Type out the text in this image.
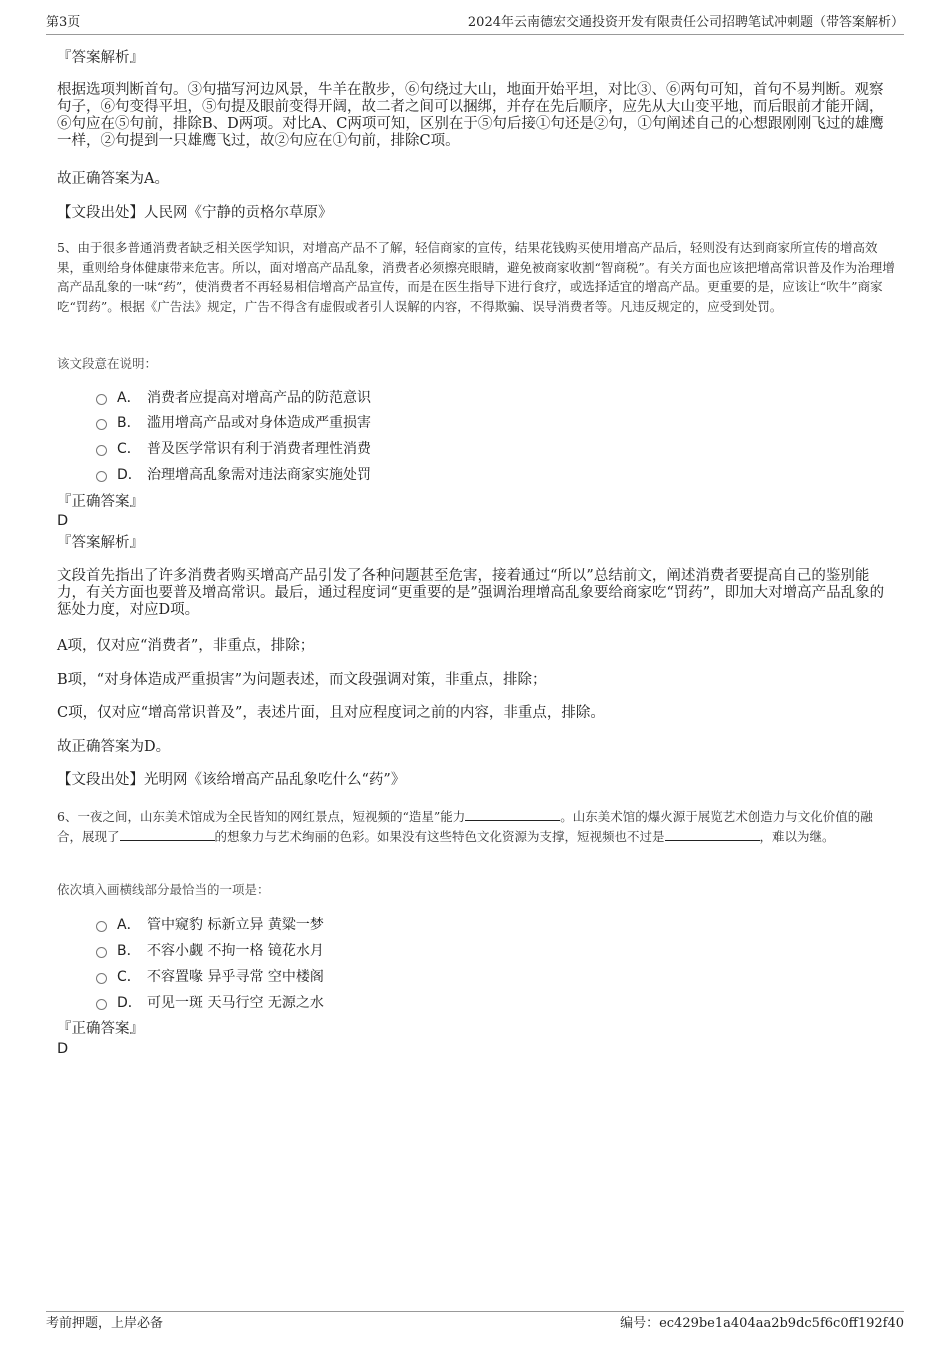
第3页	2024年云南德宏交通投资开发有限责任公司招聘笔试冲刺题（带答案解析）
『答案解析』
根据选项判断首句。③句描写河边风景，牛羊在散步，⑥句绕过大山，地面开始平坦，对比③、⑥两句可知，首句不易判断。观察句子，⑥句变得平坦，⑤句提及眼前变得开阔，故二者之间可以捆绑，并存在先后顺序，应先从大山变平地，而后眼前才能开阔，⑥句应在⑤句前，排除B、D两项。对比A、C两项可知，区别在于⑤句后接①句还是②句，①句阐述自己的心想跟刚刚飞过的雄鹰一样，②句提到一只雄鹰飞过，故②句应在①句前，排除C项。
故正确答案为A。
【文段出处】人民网《宁静的贡格尔草原》
5、由于很多普通消费者缺乏相关医学知识，对增高产品不了解，轻信商家的宣传，结果花钱购买使用增高产品后，轻则没有达到商家所宣传的增高效果，重则给身体健康带来危害。所以，面对增高产品乱象，消费者必须擦亮眼睛，避免被商家收割“智商税”。有关方面也应该把增高常识普及作为治理增高产品乱象的一味“药”，使消费者不再轻易相信增高产品宣传，而是在医生指导下进行食疗，或选择适宜的增高产品。更重要的是，应该让“吹牛”商家吃“罚药”。根据《广告法》规定，广告不得含有虚假或者引人误解的内容，不得欺骗、误导消费者等。凡违反规定的，应受到处罚。
该文段意在说明：
A． 消费者应提高对增高产品的防范意识
B． 滥用增高产品或对身体造成严重损害
C． 普及医学常识有利于消费者理性消费
D． 治理增高乱象需对违法商家实施处罚
『正确答案』
D
『答案解析』
文段首先指出了许多消费者购买增高产品引发了各种问题甚至危害，接着通过“所以”总结前文，阐述消费者要提高自己的鉴别能力，有关方面也要普及增高常识。最后，通过程度词“更重要的是”强调治理增高乱象要给商家吃“罚药”，即加大对增高产品乱象的惩处力度，对应D项。
A项，仅对应“消费者”，非重点，排除；
B项，“对身体造成严重损害”为问题表述，而文段强调对策，非重点，排除；
C项，仅对应“增高常识普及”，表述片面，且对应程度词之前的内容，非重点，排除。
故正确答案为D。
【文段出处】光明网《该给增高产品乱象吃什么“药”》
6、一夜之间，山东美术馆成为全民皆知的网红景点，短视频的“造星”能力	。山东美术馆的爆火源于展览艺术创造力与文化价值的融合，展现了	的想象力与艺术绚丽的色彩。如果没有这些特色文化资源为支撑，短视频也不过是	，难以为继。
依次填入画横线部分最恰当的一项是：
A． 管中窥豹 标新立异 黄粱一梦
B． 不容小觑 不拘一格 镜花水月
C． 不容置喙 异乎寻常 空中楼阁
D． 可见一斑 天马行空 无源之水
『正确答案』
D
考前押题，上岸必备	编号：ec429be1a404aa2b9dc5f6c0ff192f40
